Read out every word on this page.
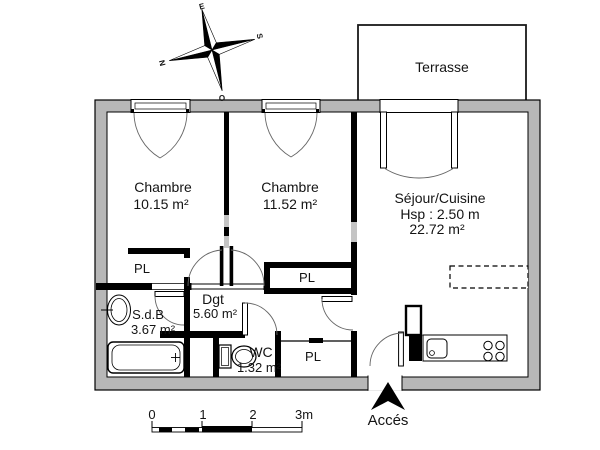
E
S
O
N
0	1	2	3m
Terrasse
Chambre
10.15 m²
Chambre
11.52 m²	Séjour/Cuisine
Hsp : 2.50 m
22.72 m²
PL
PL
PL
S.d.B
3.67 m²
Dgt
5.60 m²
WC
1.32 m²
Accés
